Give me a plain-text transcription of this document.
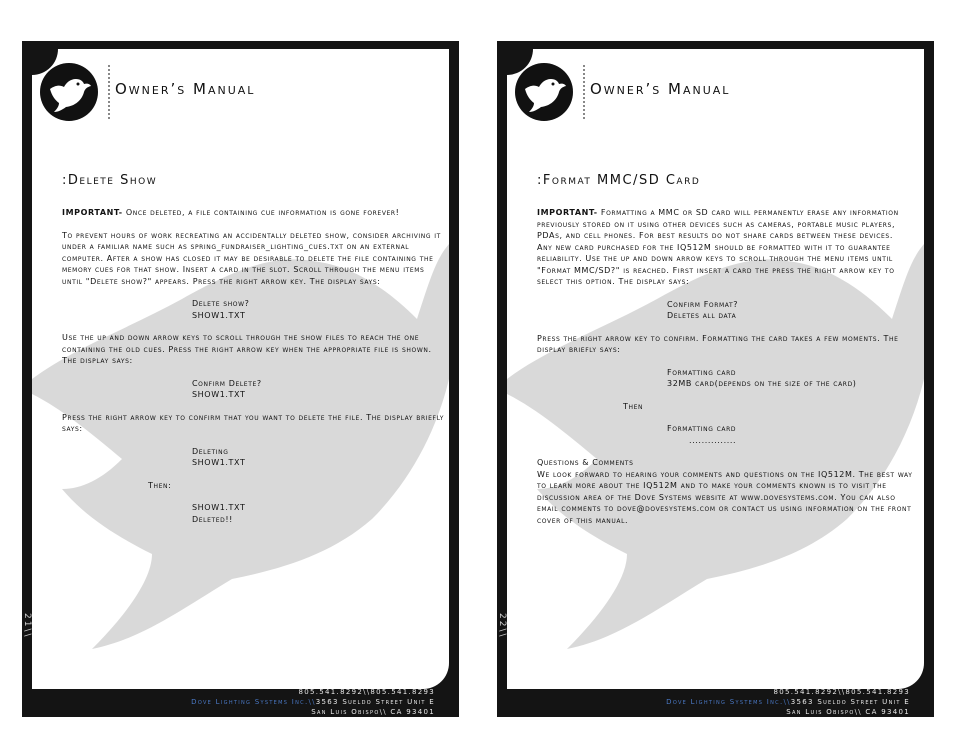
Owner’s Manual
:Delete Show

IMPORTANT- Once deleted, a file containing cue information is gone forever!

To prevent hours of work recreating an accidentally deleted show, consider archiving it under a familiar name such as spring_fundraiser_lighting_cues.txt on an external computer. After a show has closed it may be desirable to delete the file containing the memory cues for that show. Insert a card in the slot. Scroll through the menu items until "Delete show?" appears. Press the right arrow key. The display says:

Delete show?
SHOW1.TXT

Use the up and down arrow keys to scroll through the show files to reach the one containing the old cues. Press the right arrow key when the appropriate file is shown. The display says:

Confirm Delete?
SHOW1.TXT

Press the right arrow key to confirm that you want to delete the file. The display briefly says:

Deleting
SHOW1.TXT
Then:
SHOW1.TXT
Deleted!!
21\\
805.541.8292\\805.541.8293
Dove Lighting Systems Inc.\\3563 Sueldo Street Unit E
San Luis Obispo\\ CA 93401
Owner’s Manual
:Format MMC/SD Card

IMPORTANT- Formatting a MMC or SD card will permanently erase any information previously stored on it using other devices such as cameras, portable music players, PDAs, and cell phones. For best results do not share cards between these devices.

Any new card purchased for the IQ512M should be formatted with it to guarantee reliability. Use the up and down arrow keys to scroll through the menu items until "Format MMC/SD?" is reached. First insert a card the press the right arrow key to select this option. The display says:

Confirm Format?
Deletes all data

Press the right arrow key to confirm. Formatting the card takes a few moments. The display briefly says:

Formatting card
32MB card(depends on the size of the card)
Then
Formatting card
...............
Questions & Comments

We look forward to hearing your comments and questions on the IQ512M. The best way to learn more about the IQ512M and to make your comments known is to visit the discussion area of the Dove Systems website at www.dovesystems.com. You can also email comments to dove@dovesystems.com or contact us using information on the front cover of this manual.

22\\
805.541.8292\\805.541.8293
Dove Lighting Systems Inc.\\3563 Sueldo Street Unit E
San Luis Obispo\\ CA 93401
